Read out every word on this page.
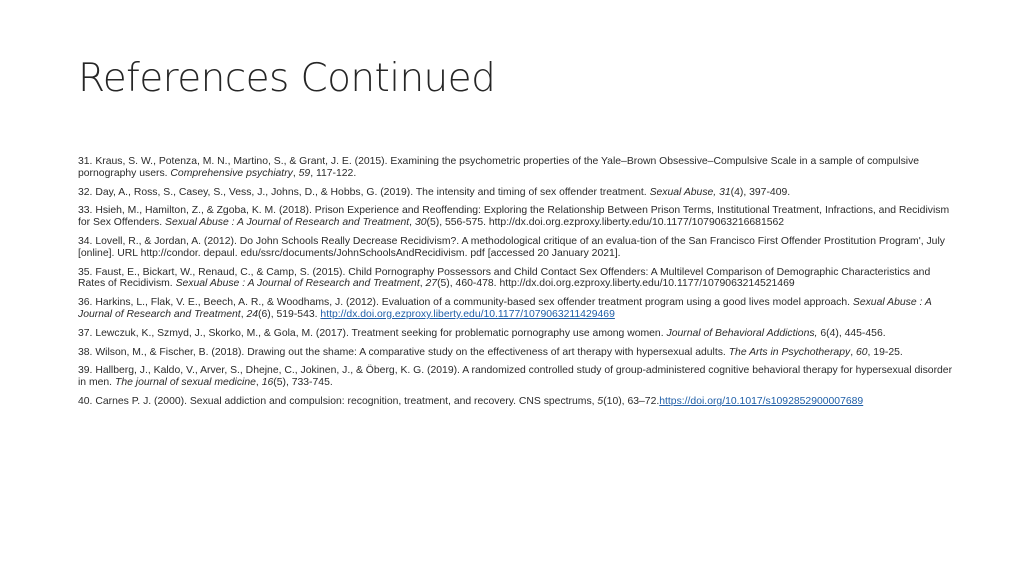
References Continued

31. Kraus, S. W., Potenza, M. N., Martino, S., & Grant, J. E. (2015). Examining the psychometric properties of the Yale–Brown Obsessive–Compulsive Scale in a sample of compulsive pornography users. Comprehensive psychiatry, 59, 117-122.

32. Day, A., Ross, S., Casey, S., Vess, J., Johns, D., & Hobbs, G. (2019). The intensity and timing of sex offender treatment. Sexual Abuse, 31(4), 397-409.

33. Hsieh, M., Hamilton, Z., & Zgoba, K. M. (2018). Prison Experience and Reoffending: Exploring the Relationship Between Prison Terms, Institutional Treatment, Infractions, and Recidivism for Sex Offenders. Sexual Abuse : A Journal of Research and Treatment, 30(5), 556-575. http://dx.doi.org.ezproxy.liberty.edu/10.1177/1079063216681562

34. Lovell, R., & Jordan, A. (2012). Do John Schools Really Decrease Recidivism?. A methodological critique of an evalua-tion of the San Francisco First Offender Prostitution Program', July [online]. URL http://condor. depaul. edu/ssrc/documents/JohnSchoolsAndRecidivism. pdf [accessed 20 January 2021].

35. Faust, E., Bickart, W., Renaud, C., & Camp, S. (2015). Child Pornography Possessors and Child Contact Sex Offenders: A Multilevel Comparison of Demographic Characteristics and Rates of Recidivism. Sexual Abuse : A Journal of Research and Treatment, 27(5), 460-478. http://dx.doi.org.ezproxy.liberty.edu/10.1177/1079063214521469

36. Harkins, L., Flak, V. E., Beech, A. R., & Woodhams, J. (2012). Evaluation of a community-based sex offender treatment program using a good lives model approach. Sexual Abuse : A Journal of Research and Treatment, 24(6), 519-543. http://dx.doi.org.ezproxy.liberty.edu/10.1177/1079063211429469

37. Lewczuk, K., Szmyd, J., Skorko, M., & Gola, M. (2017). Treatment seeking for problematic pornography use among women. Journal of Behavioral Addictions, 6(4), 445-456.

38. Wilson, M., & Fischer, B. (2018). Drawing out the shame: A comparative study on the effectiveness of art therapy with hypersexual adults. The Arts in Psychotherapy, 60, 19-25.

39. Hallberg, J., Kaldo, V., Arver, S., Dhejne, C., Jokinen, J., & Öberg, K. G. (2019). A randomized controlled study of group-administered cognitive behavioral therapy for hypersexual disorder in men. The journal of sexual medicine, 16(5), 733-745.

40. Carnes P. J. (2000). Sexual addiction and compulsion: recognition, treatment, and recovery. CNS spectrums, 5(10), 63–72.https://doi.org/10.1017/s1092852900007689
